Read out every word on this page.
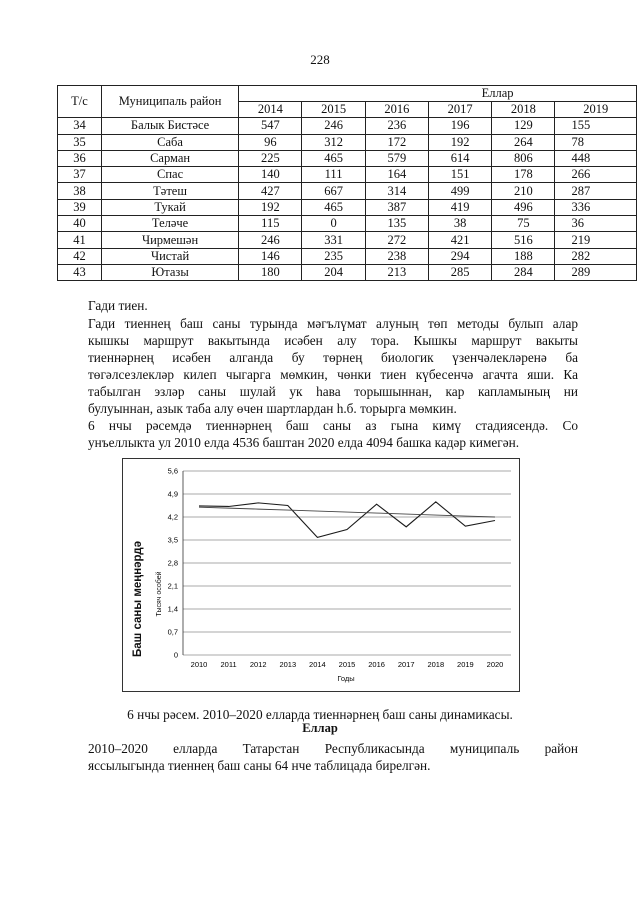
228
Т/с	Муниципаль район	Еллар					
		2014	2015	2016	2017	2018	2019
34	Балык Бистәсе	547	246	236	196	129	155
35	Саба	96	312	172	192	264	78
36	Сарман	225	465	579	614	806	448
37	Спас	140	111	164	151	178	266
38	Тәтеш	427	667	314	499	210	287
39	Тукай	192	465	387	419	496	336
40	Теләче	115	0	135	38	75	36
41	Чирмешән	246	331	272	421	516	219
42	Чистай	146	235	238	294	188	282
43	Ютазы	180	204	213	285	284	289
Гади тиен.
Гади тиеннең баш саны турында мәгълүмат алуның төп методы булып алар
кышкы маршрут вакытында исәбен алу тора. Кышкы маршрут вакыты
тиеннәрнең исәбен алганда бу төрнең биологик үзенчәлекләренә ба
төгәлсезлекләр килеп чыгарга мөмкин, чөнки тиен күбесенчә агачта яши. Ка
табылган эзләр саны шулай ук һава торышыннан, кар капламының ни
булуыннан, азык таба алу өчен шартлардан һ.б. торырга мөмкин.
6 нчы рәсемдә тиеннәрнең баш саны аз гына кимү стадиясендә. Со
унъеллыкта ул 2010 елда 4536 баштан 2020 елда 4094 башка кадәр кимегән.
Баш саны меңнәрдә Тысяч особей
0
0,7
1,4
2,1
2,8
3,5
4,2
4,9
5,6
2010 2011 2012 2013 2014 2015 2016 2017 2018 2019 2020
Годы
6 нчы рәсем. 2010–2020 елларда тиеннәрнең баш саны динамикасы.
Еллар
2010–2020 елларда Татарстан Республикасында муниципаль район
яссылыгында тиеннең баш саны 64 нче таблицада бирелгән.
